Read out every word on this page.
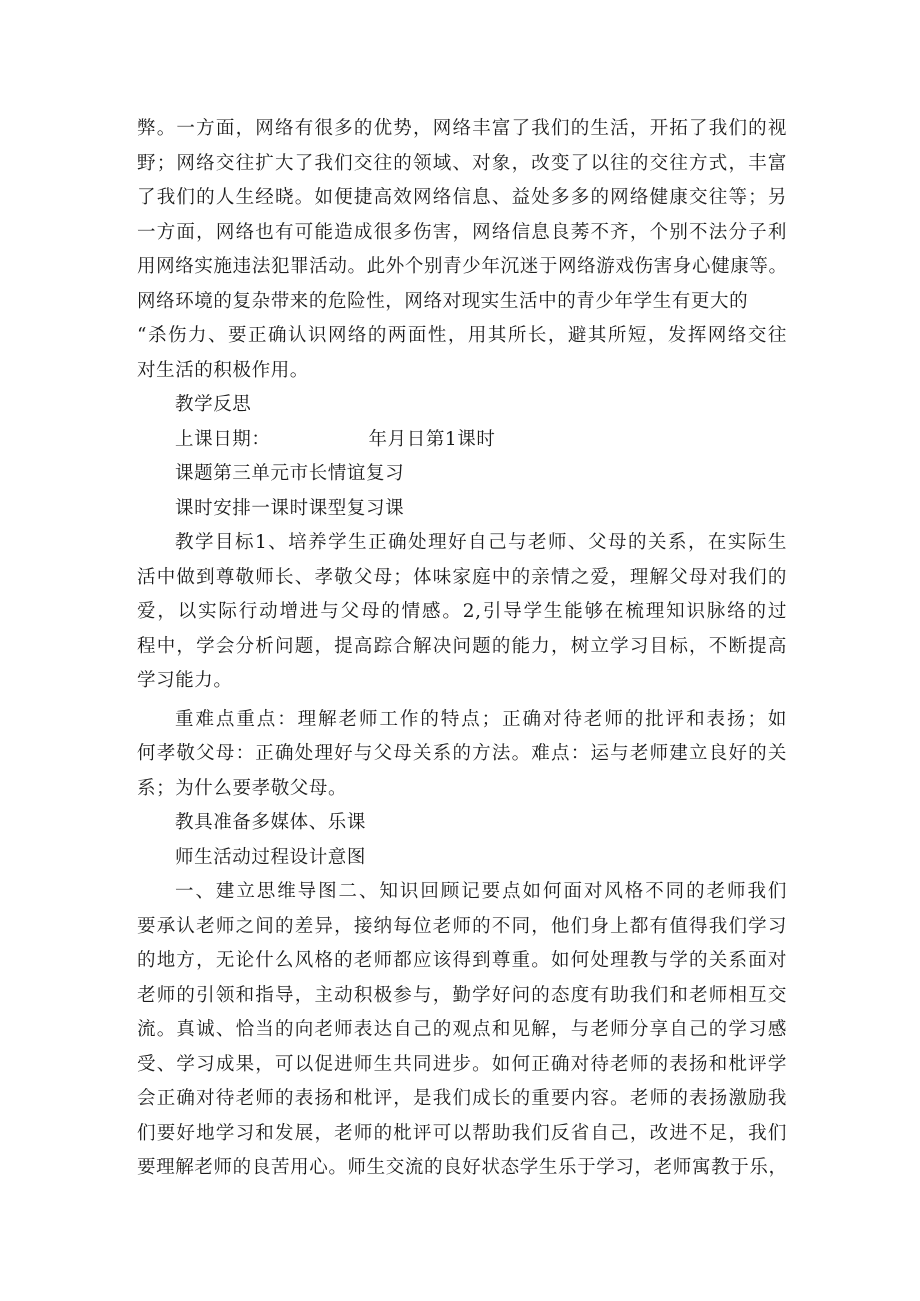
弊。一方面，网络有很多的优势，网络丰富了我们的生活，开拓了我们的视
野；网络交往扩大了我们交往的领域、对象，改变了以往的交往方式，丰富
了我们的人生经晓。如便捷高效网络信息、益处多多的网络健康交往等；另
一方面，网络也有可能造成很多伤害，网络信息良莠不齐，个别不法分子利
用网络实施违法犯罪活动。此外个别青少年沉迷于网络游戏伤害身心健康等。
网络环境的复杂带来的危险性，网络对现实生活中的青少年学生有更大的
“杀伤力、要正确认识网络的两面性，用其所长，避其所短，发挥网络交往
对生活的积极作用。
教学反思
上课日期：	年月日第1课时
课题第三单元市长情谊复习
课时安排一课时课型复习课
教学目标1、培养学生正确处理好自己与老师、父母的关系，在实际生
活中做到尊敬师长、孝敬父母；体味家庭中的亲情之爱，理解父母对我们的
爱，以实际行动增进与父母的情感。2,引导学生能够在梳理知识脉络的过
程中，学会分析问题，提高踪合解决问题的能力，树立学习目标，不断提高
学习能力。
重难点重点：理解老师工作的特点；正确对待老师的批评和表扬；如
何孝敬父母：正确处理好与父母关系的方法。难点：运与老师建立良好的关
系；为什么要孝敬父母。
教具准备多媒体、乐课
师生活动过程设计意图
一、建立思维导图二、知识回顾记要点如何面对风格不同的老师我们
要承认老师之间的差异，接纳每位老师的不同，他们身上都有值得我们学习
的地方，无论什么风格的老师都应该得到尊重。如何处理教与学的关系面对
老师的引领和指导，主动积极参与，勤学好问的态度有助我们和老师相互交
流。真诚、恰当的向老师表达自己的观点和见解，与老师分享自己的学习感
受、学习成果，可以促进师生共同进步。如何正确对待老师的表扬和枇评学
会正确对待老师的表扬和枇评，是我们成长的重要内容。老师的表扬激励我
们要好地学习和发展，老师的枇评可以帮助我们反省自己，改进不足，我们
要理解老师的良苦用心。师生交流的良好状态学生乐于学习，老师寓教于乐，
